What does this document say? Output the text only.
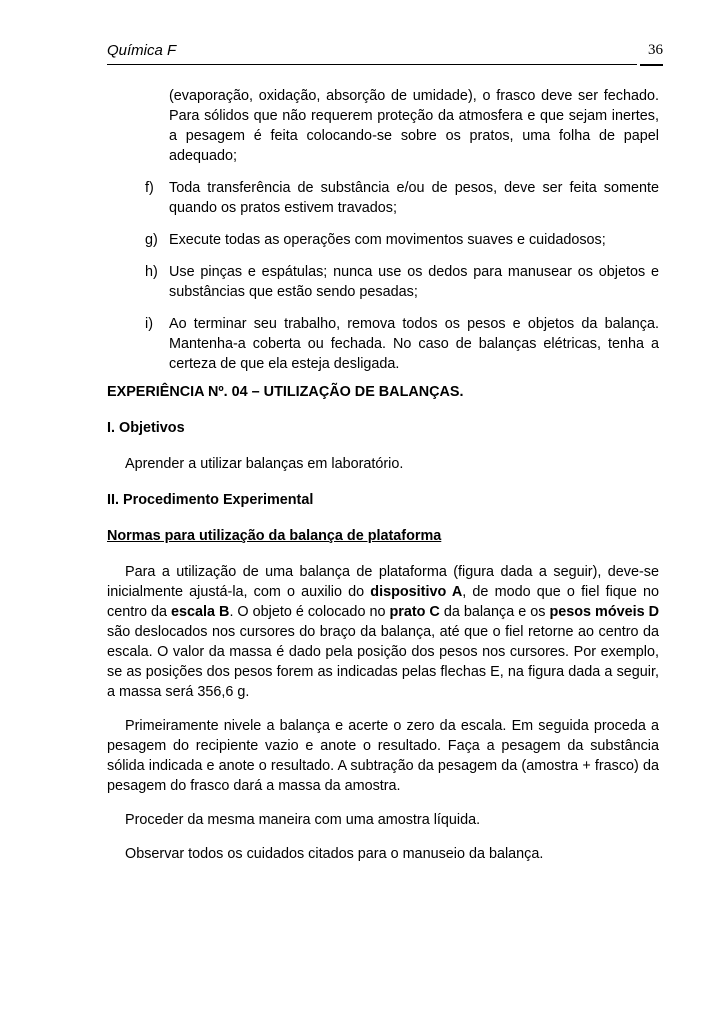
Química F	36
(evaporação, oxidação, absorção de umidade), o frasco deve ser fechado. Para sólidos que não requerem proteção da atmosfera e que sejam inertes, a pesagem é feita colocando-se sobre os pratos, uma folha de papel adequado;
f) Toda transferência de substância e/ou de pesos, deve ser feita somente quando os pratos estivem travados;
g) Execute todas as operações com movimentos suaves e cuidadosos;
h) Use pinças e espátulas; nunca use os dedos para manusear os objetos e substâncias que estão sendo pesadas;
i) Ao terminar seu trabalho, remova todos os pesos e objetos da balança. Mantenha-a coberta ou fechada. No caso de balanças elétricas, tenha a certeza de que ela esteja desligada.
EXPERIÊNCIA Nº. 04 – UTILIZAÇÃO DE BALANÇAS.
I. Objetivos
Aprender a utilizar balanças em laboratório.
II. Procedimento Experimental
Normas para utilização da balança de plataforma
Para a utilização de uma balança de plataforma (figura dada a seguir), deve-se inicialmente ajustá-la, com o auxilio do dispositivo A, de modo que o fiel fique no centro da escala B. O objeto é colocado no prato C da balança e os pesos móveis D são deslocados nos cursores do braço da balança, até que o fiel retorne ao centro da escala. O valor da massa é dado pela posição dos pesos nos cursores. Por exemplo, se as posições dos pesos forem as indicadas pelas flechas E, na figura dada a seguir, a massa será 356,6 g.
Primeiramente nivele a balança e acerte o zero da escala. Em seguida proceda a pesagem do recipiente vazio e anote o resultado. Faça a pesagem da substância sólida indicada e anote o resultado. A subtração da pesagem da (amostra + frasco) da pesagem do frasco dará a massa da amostra.
Proceder da mesma maneira com uma amostra líquida.
Observar todos os cuidados citados para o manuseio da balança.
